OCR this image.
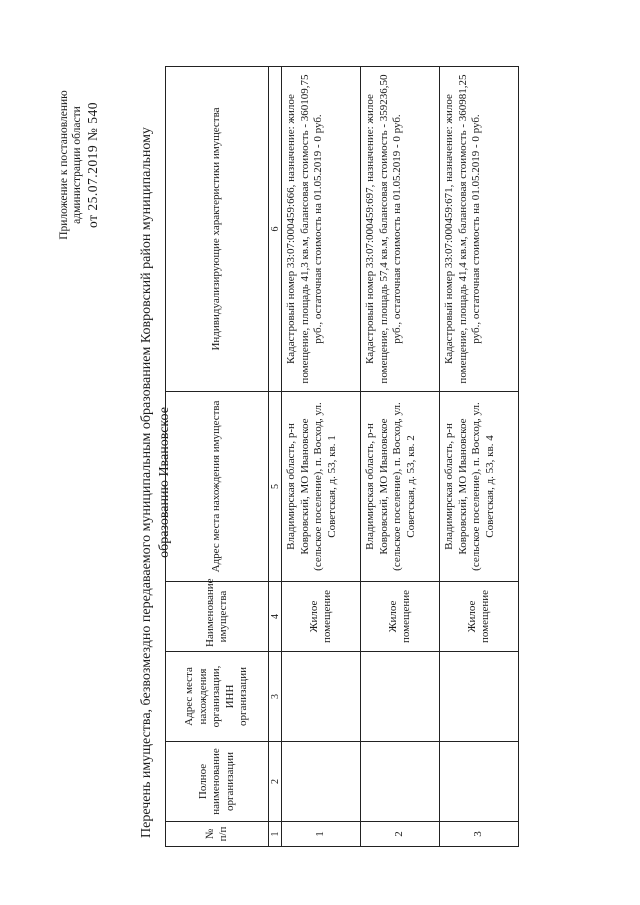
Приложение к постановлению администрации области от 25.07.2019 № 540	Перечень имущества, безвозмездно передаваемого муниципальным образованием Ковровский район муниципальному образованию Ивановское
№ п/п	Полное наименование организации	Адрес места нахождения организации, ИНН организации	Наименование имущества	Адрес места нахождения имущества	Индивидуализирующие характеристики имущества
1	2	3	4	5	6
1			Жилое помещение	Владимирская область, р-н Ковровский, МО Ивановское (сельское поселение), п. Восход, ул. Советская, д. 53, кв. 1	Кадастровый номер 33:07:000459:666, назначение: жилое помещение, площадь 41,3 кв.м, балансовая стоимость - 360109,75 руб., остаточная стоимость на 01.05.2019 - 0 руб.
2			Жилое помещение	Владимирская область, р-н Ковровский, МО Ивановское (сельское поселение), п. Восход, ул. Советская, д. 53, кв. 2	Кадастровый номер 33:07:000459:697, назначение: жилое помещение, площадь 57,4 кв.м, балансовая стоимость - 359236,50 руб., остаточная стоимость на 01.05.2019 - 0 руб.
3			Жилое помещение	Владимирская область, р-н Ковровский, МО Ивановское (сельское поселение), п. Восход, ул. Советская, д. 53, кв. 4	Кадастровый номер 33:07:000459:671, назначение: жилое помещение, площадь 41,4 кв.м, балансовая стоимость - 360981,25 руб., остаточная стоимость на 01.05.2019 - 0 руб.
